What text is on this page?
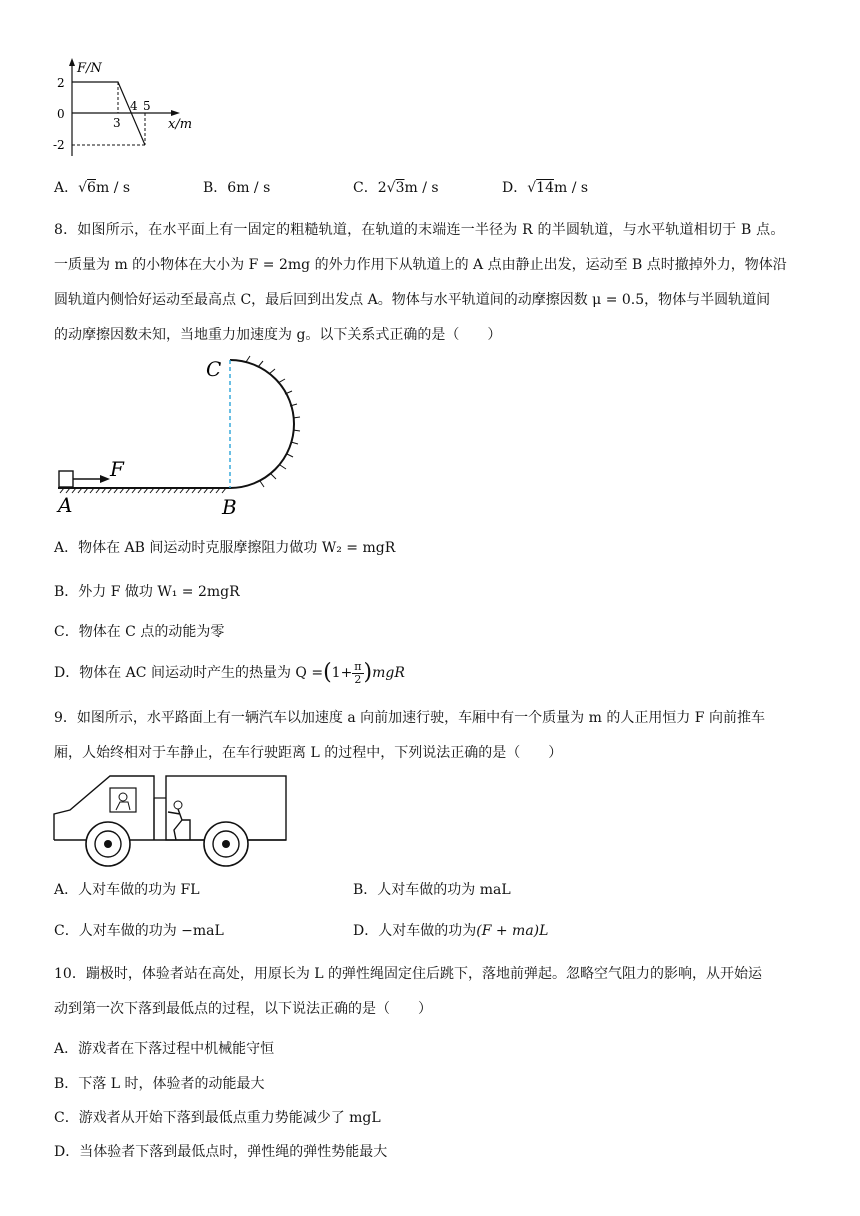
F/N
x/m
2
0
-2
3
4 5
A．√6m / s	B．6m / s	C．2√3m / s	D．√14m / s
8．如图所示，在水平面上有一固定的粗糙轨道，在轨道的末端连一半径为 R 的半圆轨道，与水平轨道相切于 B 点。
一质量为 m 的小物体在大小为 F = 2mg 的外力作用下从轨道上的 A 点由静止出发，运动至 B 点时撤掉外力，物体沿
圆轨道内侧恰好运动至最高点 C，最后回到出发点 A。物体与水平轨道间的动摩擦因数 μ = 0.5，物体与半圆轨道间
的动摩擦因数未知，当地重力加速度为 g。以下关系式正确的是（　　）
C
F
A	B
A．物体在 AB 间运动时克服摩擦阻力做功 W₂ = mgR
B．外力 F 做功 W₁ = 2mgR
C．物体在 C 点的动能为零
D．物体在 AC 间运动时产生的热量为 $Q =(1+ \frac{\pi}{2} )mgR$
9．如图所示，水平路面上有一辆汽车以加速度 a 向前加速行驶，车厢中有一个质量为 m 的人正用恒力 F 向前推车
厢，人始终相对于车静止，在车行驶距离 L 的过程中，下列说法正确的是（　　）
A．人对车做的功为 FL	B．人对车做的功为 maL
C．人对车做的功为 −maL	D．人对车做的功为(F + ma)L
10．蹦极时，体验者站在高处，用原长为 L 的弹性绳固定住后跳下，落地前弹起。忽略空气阻力的影响，从开始运
动到第一次下落到最低点的过程，以下说法正确的是（　　）
A．游戏者在下落过程中机械能守恒
B．下落 L 时，体验者的动能最大
C．游戏者从开始下落到最低点重力势能减少了 mgL
D．当体验者下落到最低点时，弹性绳的弹性势能最大
